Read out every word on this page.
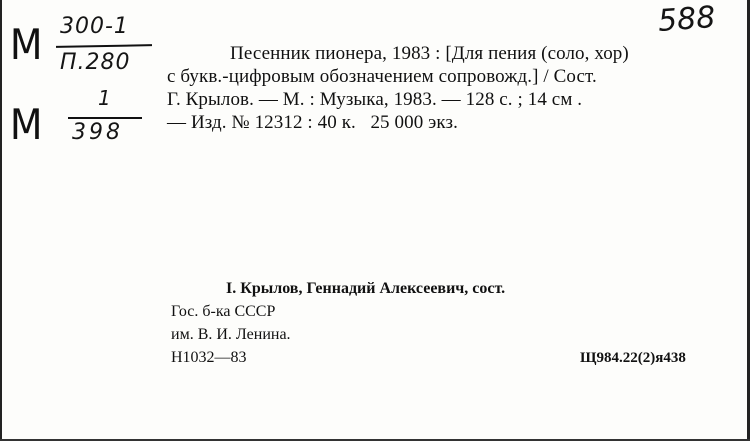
588
М 300-1
П.280
М
1
398
Песенник пионера, 1983 : [Для пения (соло, хор)
с букв.-цифровым обозначением сопровожд.] / Сост.
Г. Крылов. — М. : Музыка, 1983. — 128 с. ; 14 см .
— Изд. № 12312 : 40 к.   25 000 экз.
I. Крылов, Геннадий Алексеевич, сост.
Гос. б-ка СССР
им. В. И. Ленина.
Н1032—83	Щ984.22(2)я438
